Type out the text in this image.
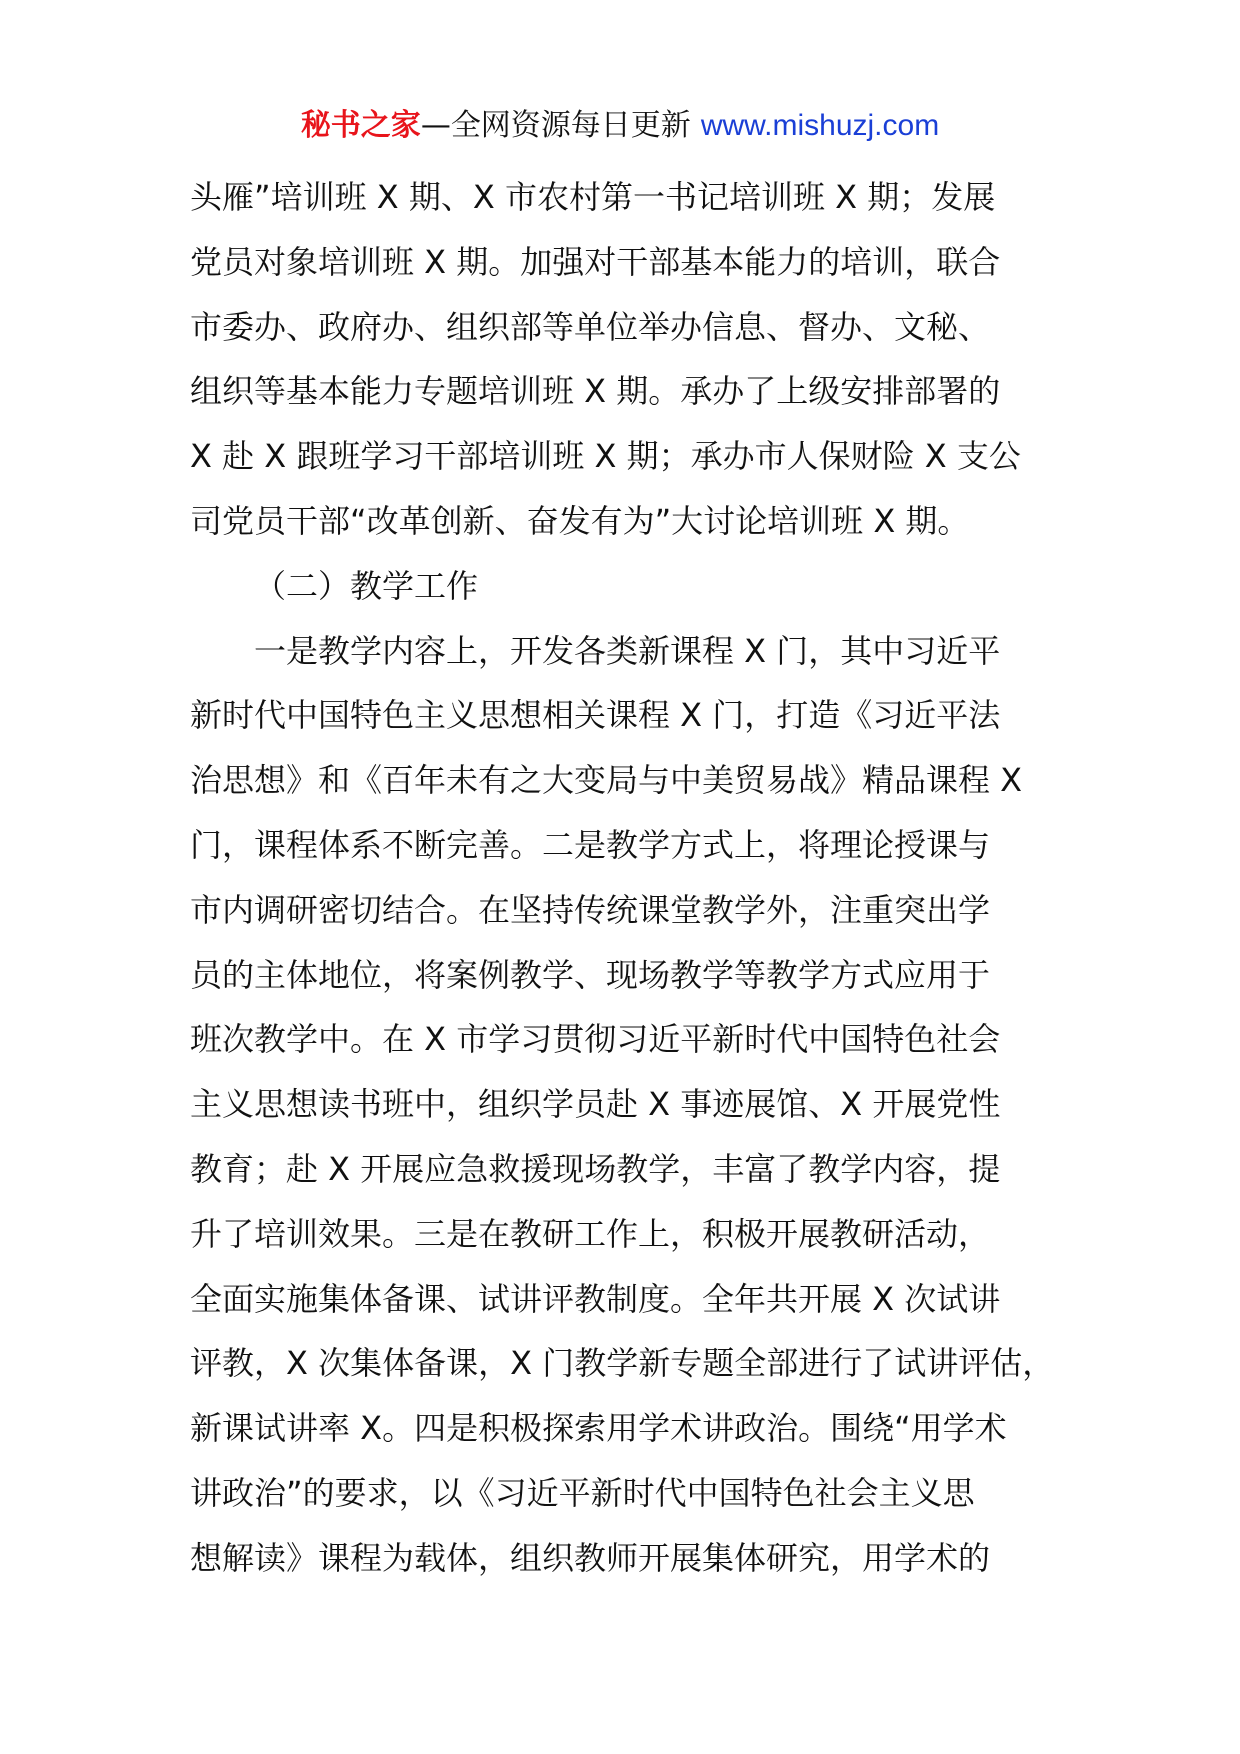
秘书之家—全网资源每日更新 www.mishuzj.com
头雁”培训班 X 期、X 市农村第一书记培训班 X 期；发展
党员对象培训班 X 期。加强对干部基本能力的培训，联合
市委办、政府办、组织部等单位举办信息、督办、文秘、
组织等基本能力专题培训班 X 期。承办了上级安排部署的
X 赴 X 跟班学习干部培训班 X 期；承办市人保财险 X 支公
司党员干部“改革创新、奋发有为”大讨论培训班 X 期。
（二）教学工作
一是教学内容上，开发各类新课程 X 门，其中习近平
新时代中国特色主义思想相关课程 X 门，打造《习近平法
治思想》和《百年未有之大变局与中美贸易战》精品课程 X
门，课程体系不断完善。二是教学方式上，将理论授课与
市内调研密切结合。在坚持传统课堂教学外，注重突出学
员的主体地位，将案例教学、现场教学等教学方式应用于
班次教学中。在 X 市学习贯彻习近平新时代中国特色社会
主义思想读书班中，组织学员赴 X 事迹展馆、X 开展党性
教育；赴 X 开展应急救援现场教学，丰富了教学内容，提
升了培训效果。三是在教研工作上，积极开展教研活动，
全面实施集体备课、试讲评教制度。全年共开展 X 次试讲
评教，X 次集体备课，X 门教学新专题全部进行了试讲评估，
新课试讲率 X。四是积极探索用学术讲政治。围绕“用学术
讲政治”的要求，以《习近平新时代中国特色社会主义思
想解读》课程为载体，组织教师开展集体研究，用学术的
